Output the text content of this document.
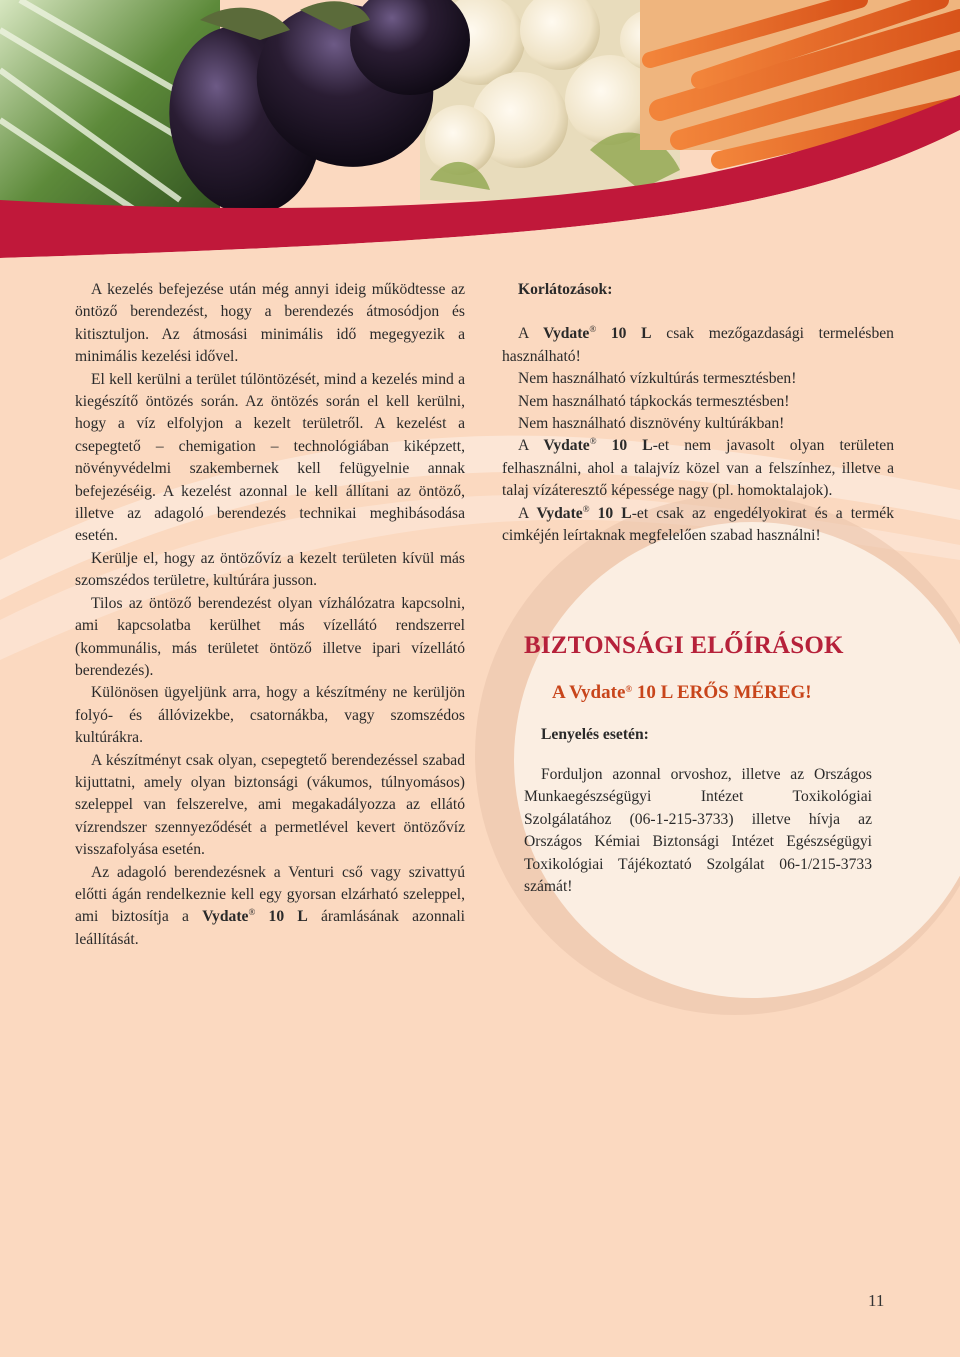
A kezelés befejezése után még annyi ideig működtesse az öntöző berendezést, hogy a berendezés átmosódjon és kitisztuljon. Az átmosási minimális idő megegyezik a minimális kezelési idővel.

El kell kerülni a terület túlöntözését, mind a kezelés mind a kiegészítő öntözés során. Az öntözés során el kell kerülni, hogy a víz elfolyjon a kezelt területről. A kezelést a csepegtető – chemigation – technológiában kiképzett, növényvédelmi szakembernek kell felügyelnie annak befejezéséig. A kezelést azonnal le kell állítani az öntöző, illetve az adagoló berendezés technikai meghibásodása esetén.

Kerülje el, hogy az öntözővíz a kezelt területen kívül más szomszédos területre, kultúrára jusson.

Tilos az öntöző berendezést olyan vízhálózatra kapcsolni, ami kapcsolatba kerülhet más vízellátó rendszerrel (kommunális, más területet öntöző illetve ipari vízellátó berendezés).

Különösen ügyeljünk arra, hogy a készítmény ne kerüljön folyó- és állóvizekbe, csatornákba, vagy szomszédos kultúrákra.

A készítményt csak olyan, csepegtető berendezéssel szabad kijuttatni, amely olyan biztonsági (vákumos, túlnyomásos) szeleppel van felszerelve, ami megakadályozza az ellátó vízrendszer szennyeződését a permetlével kevert öntözővíz visszafolyása esetén.

Az adagoló berendezésnek a Venturi cső vagy szivattyú előtti ágán rendelkeznie kell egy gyorsan elzárható szeleppel, ami biztosítja a Vydate® 10 L áramlásának azonnali leállítását.

Korlátozások:

A Vydate® 10 L csak mezőgazdasági termelésben használható!

Nem használható vízkultúrás termesztésben!

Nem használható tápkockás termesztésben!

Nem használható disznövény kultúrákban!

A Vydate® 10 L-et nem javasolt olyan területen felhasználni, ahol a talajvíz közel van a felszínhez, illetve a talaj vízáteresztő képessége nagy (pl. homoktalajok).

A Vydate® 10 L-et csak az engedélyokirat és a termék cimkéjén leírtaknak megfelelően szabad használni!

BIZTONSÁGI ELŐÍRÁSOK
A Vydate® 10 L ERŐS MÉREG!
Lenyelés esetén:

Forduljon azonnal orvoshoz, illetve az Országos Munkaegészségügyi Intézet Toxikológiai Szolgálatához (06-1-215-3733) illetve hívja az Országos Kémiai Biztonsági Intézet Egészségügyi Toxikológiai Tájékoztató Szolgálat 06-1/215-3733 számát!

11
